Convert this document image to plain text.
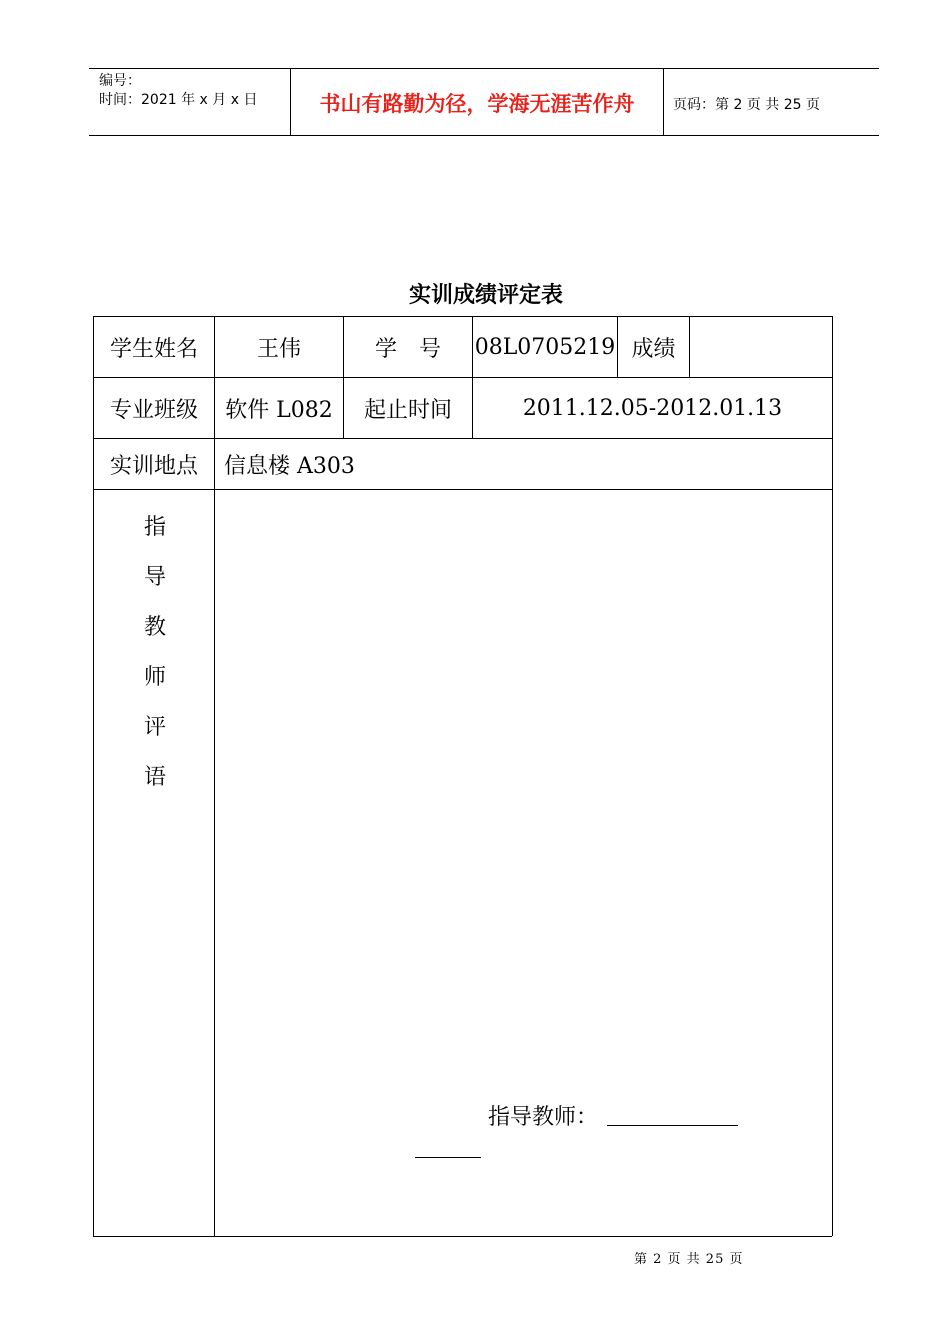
编号：
时间：2021 年 x 月 x 日	书山有路勤为径，学海无涯苦作舟	页码：第 2 页 共 25 页
实训成绩评定表
学生姓名	王伟	学　号	08L0705219 成绩
专业班级	软件 L082	起止时间	2011.12.05-2012.01.13
实训地点	信息楼 A303
指
导
教
师
评
语
指导教师：
第 2 页 共 25 页
